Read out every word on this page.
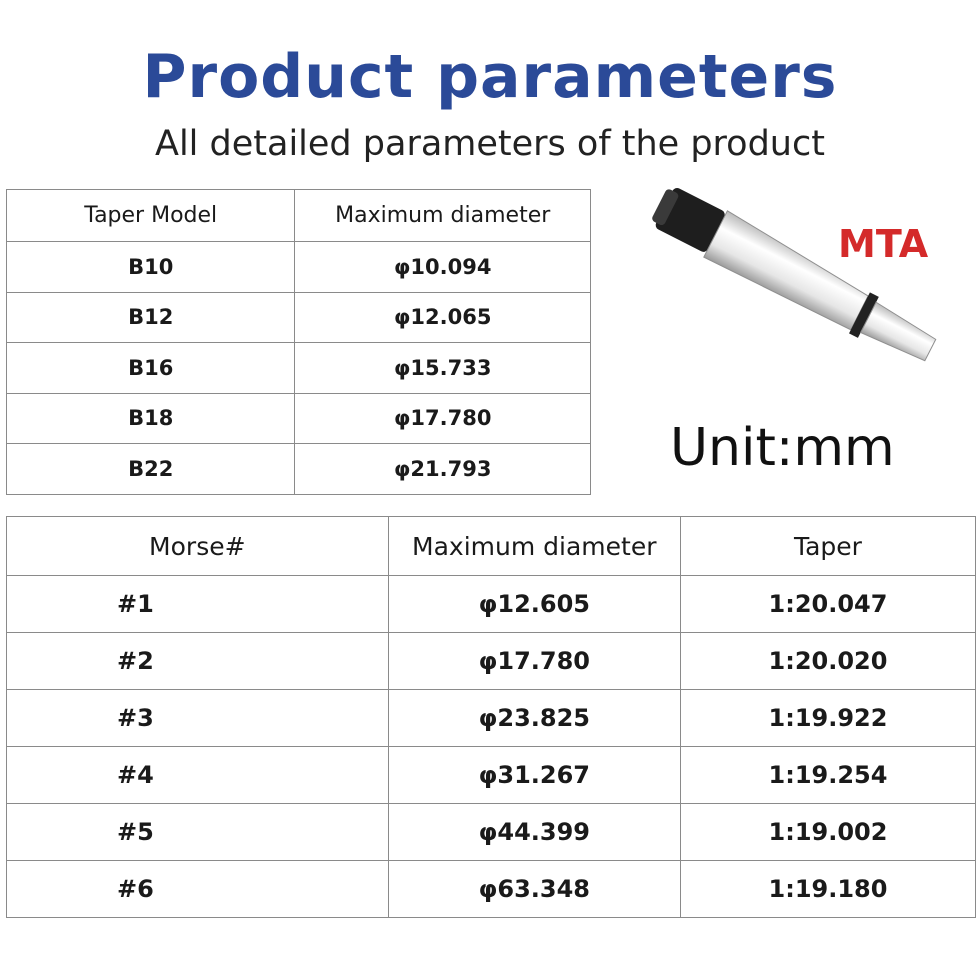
Product parameters
All detailed parameters of the product
Taper Model	Maximum diameter
B10	φ10.094
B12	φ12.065
B16	φ15.733
B18	φ17.780
B22	φ21.793
MTA
Unit:mm
Morse#	Maximum diameter	Taper
#1	φ12.605	1:20.047
#2	φ17.780	1:20.020
#3	φ23.825	1:19.922
#4	φ31.267	1:19.254
#5	φ44.399	1:19.002
#6	φ63.348	1:19.180
